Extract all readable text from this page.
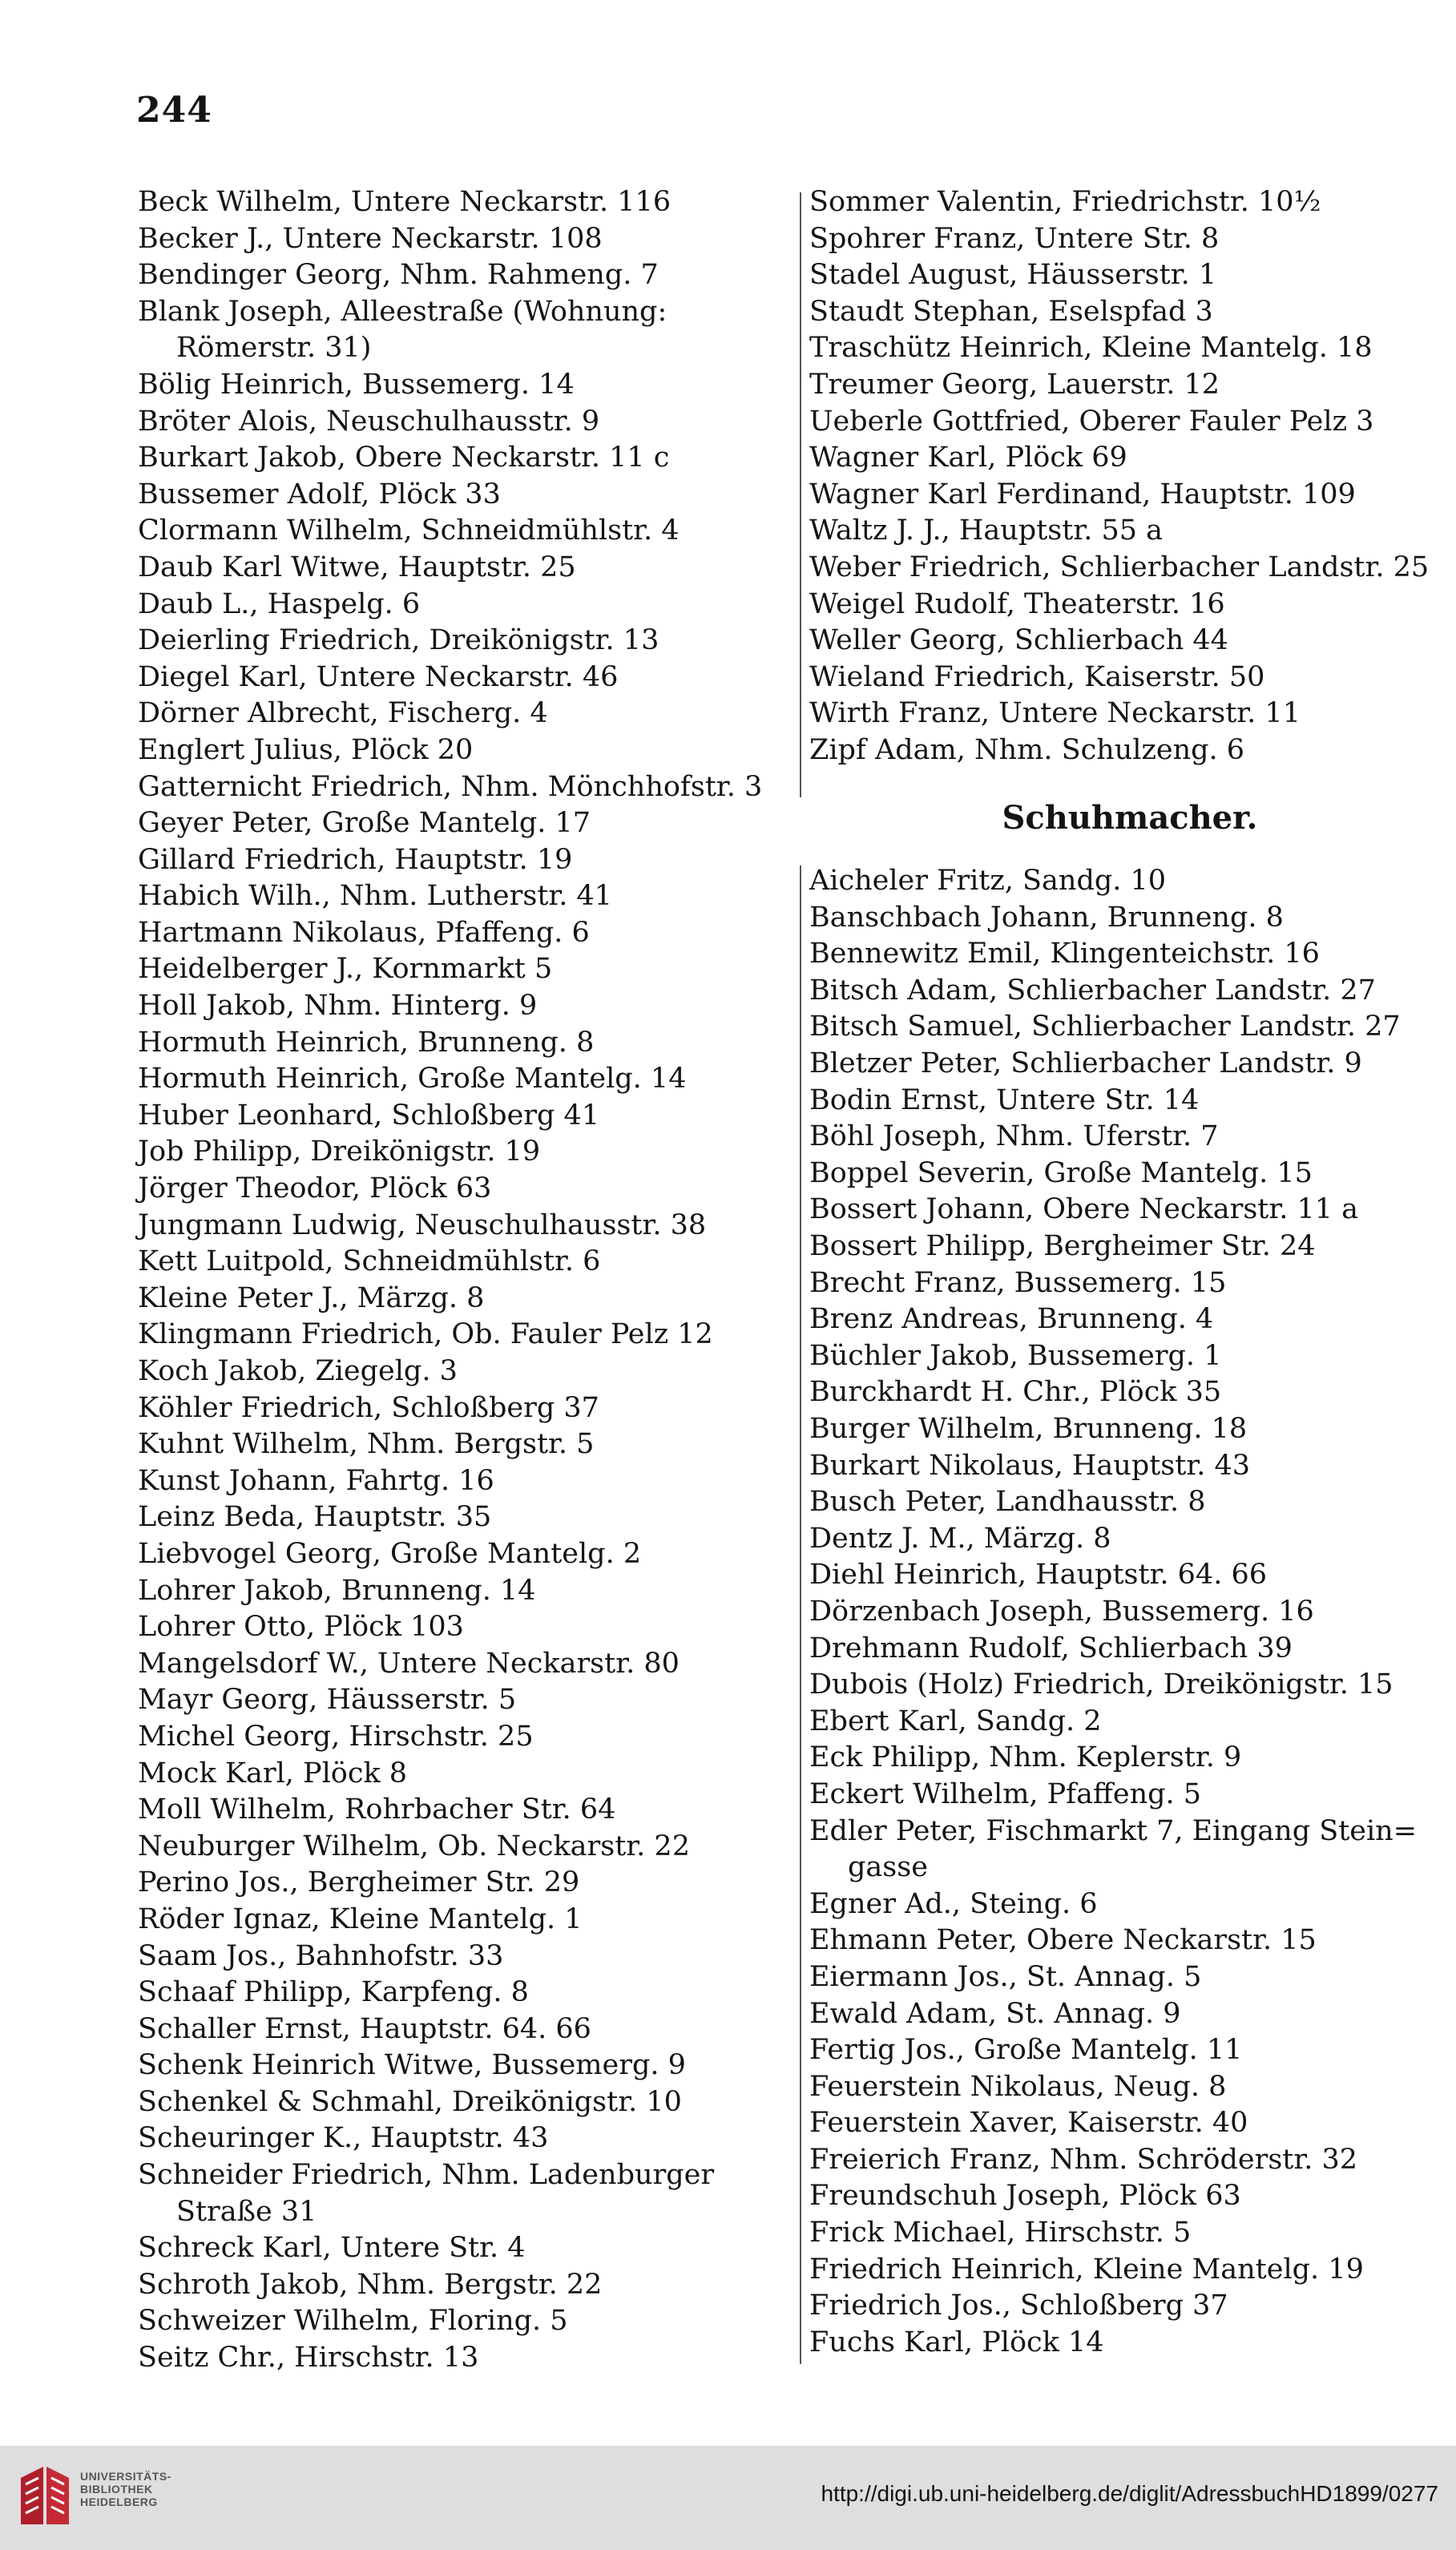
244
Beck Wilhelm, Untere Neckarstr. 116
Becker J., Untere Neckarstr. 108
Bendinger Georg, Nhm. Rahmeng. 7
Blank Joseph, Alleestraße (Wohnung:
Römerstr. 31)
Bölig Heinrich, Bussemerg. 14
Bröter Alois, Neuschulhausstr. 9
Burkart Jakob, Obere Neckarstr. 11 c
Bussemer Adolf, Plöck 33
Clormann Wilhelm, Schneidmühlstr. 4
Daub Karl Witwe, Hauptstr. 25
Daub L., Haspelg. 6
Deierling Friedrich, Dreikönigstr. 13
Diegel Karl, Untere Neckarstr. 46
Dörner Albrecht, Fischerg. 4
Englert Julius, Plöck 20
Gatternicht Friedrich, Nhm. Mönchhofstr. 3
Geyer Peter, Große Mantelg. 17
Gillard Friedrich, Hauptstr. 19
Habich Wilh., Nhm. Lutherstr. 41
Hartmann Nikolaus, Pfaffeng. 6
Heidelberger J., Kornmarkt 5
Holl Jakob, Nhm. Hinterg. 9
Hormuth Heinrich, Brunneng. 8
Hormuth Heinrich, Große Mantelg. 14
Huber Leonhard, Schloßberg 41
Job Philipp, Dreikönigstr. 19
Jörger Theodor, Plöck 63
Jungmann Ludwig, Neuschulhausstr. 38
Kett Luitpold, Schneidmühlstr. 6
Kleine Peter J., Märzg. 8
Klingmann Friedrich, Ob. Fauler Pelz 12
Koch Jakob, Ziegelg. 3
Köhler Friedrich, Schloßberg 37
Kuhnt Wilhelm, Nhm. Bergstr. 5
Kunst Johann, Fahrtg. 16
Leinz Beda, Hauptstr. 35
Liebvogel Georg, Große Mantelg. 2
Lohrer Jakob, Brunneng. 14
Lohrer Otto, Plöck 103
Mangelsdorf W., Untere Neckarstr. 80
Mayr Georg, Häusserstr. 5
Michel Georg, Hirschstr. 25
Mock Karl, Plöck 8
Moll Wilhelm, Rohrbacher Str. 64
Neuburger Wilhelm, Ob. Neckarstr. 22
Perino Jos., Bergheimer Str. 29
Röder Ignaz, Kleine Mantelg. 1
Saam Jos., Bahnhofstr. 33
Schaaf Philipp, Karpfeng. 8
Schaller Ernst, Hauptstr. 64. 66
Schenk Heinrich Witwe, Bussemerg. 9
Schenkel & Schmahl, Dreikönigstr. 10
Scheuringer K., Hauptstr. 43
Schneider Friedrich, Nhm. Ladenburger
Straße 31
Schreck Karl, Untere Str. 4
Schroth Jakob, Nhm. Bergstr. 22
Schweizer Wilhelm, Floring. 5
Seitz Chr., Hirschstr. 13
Sommer Valentin, Friedrichstr. 10½
Spohrer Franz, Untere Str. 8
Stadel August, Häusserstr. 1
Staudt Stephan, Eselspfad 3
Traschütz Heinrich, Kleine Mantelg. 18
Treumer Georg, Lauerstr. 12
Ueberle Gottfried, Oberer Fauler Pelz 3
Wagner Karl, Plöck 69
Wagner Karl Ferdinand, Hauptstr. 109
Waltz J. J., Hauptstr. 55 a
Weber Friedrich, Schlierbacher Landstr. 25
Weigel Rudolf, Theaterstr. 16
Weller Georg, Schlierbach 44
Wieland Friedrich, Kaiserstr. 50
Wirth Franz, Untere Neckarstr. 11
Zipf Adam, Nhm. Schulzeng. 6
Schuhmacher.
Aicheler Fritz, Sandg. 10
Banschbach Johann, Brunneng. 8
Bennewitz Emil, Klingenteichstr. 16
Bitsch Adam, Schlierbacher Landstr. 27
Bitsch Samuel, Schlierbacher Landstr. 27
Bletzer Peter, Schlierbacher Landstr. 9
Bodin Ernst, Untere Str. 14
Böhl Joseph, Nhm. Uferstr. 7
Boppel Severin, Große Mantelg. 15
Bossert Johann, Obere Neckarstr. 11 a
Bossert Philipp, Bergheimer Str. 24
Brecht Franz, Bussemerg. 15
Brenz Andreas, Brunneng. 4
Büchler Jakob, Bussemerg. 1
Burckhardt H. Chr., Plöck 35
Burger Wilhelm, Brunneng. 18
Burkart Nikolaus, Hauptstr. 43
Busch Peter, Landhausstr. 8
Dentz J. M., Märzg. 8
Diehl Heinrich, Hauptstr. 64. 66
Dörzenbach Joseph, Bussemerg. 16
Drehmann Rudolf, Schlierbach 39
Dubois (Holz) Friedrich, Dreikönigstr. 15
Ebert Karl, Sandg. 2
Eck Philipp, Nhm. Keplerstr. 9
Eckert Wilhelm, Pfaffeng. 5
Edler Peter, Fischmarkt 7, Eingang Stein=
gasse
Egner Ad., Steing. 6
Ehmann Peter, Obere Neckarstr. 15
Eiermann Jos., St. Annag. 5
Ewald Adam, St. Annag. 9
Fertig Jos., Große Mantelg. 11
Feuerstein Nikolaus, Neug. 8
Feuerstein Xaver, Kaiserstr. 40
Freierich Franz, Nhm. Schröderstr. 32
Freundschuh Joseph, Plöck 63
Frick Michael, Hirschstr. 5
Friedrich Heinrich, Kleine Mantelg. 19
Friedrich Jos., Schloßberg 37
Fuchs Karl, Plöck 14
UNIVERSITÄTS-
BIBLIOTHEK
HEIDELBERG	http://digi.ub.uni-heidelberg.de/diglit/AdressbuchHD1899/0277
